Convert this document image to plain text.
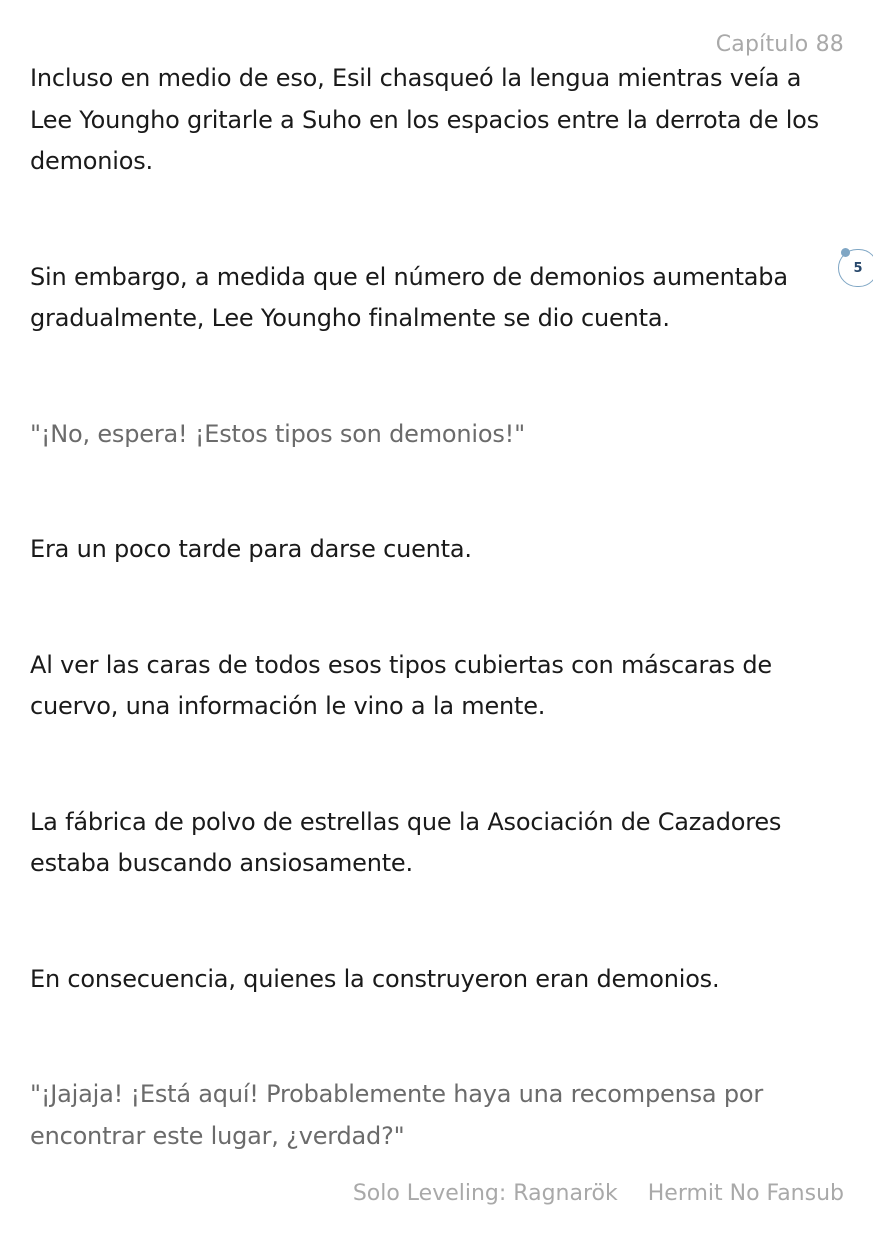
Capítulo 88

Incluso en medio de eso, Esil chasqueó la lengua mientras veía a Lee Youngho gritarle a Suho en los espacios entre la derrota de los demonios.

Sin embargo, a medida que el número de demonios aumentaba gradualmente, Lee Youngho finalmente se dio cuenta.

"¡No, espera! ¡Estos tipos son demonios!"

Era un poco tarde para darse cuenta.

Al ver las caras de todos esos tipos cubiertas con máscaras de cuervo, una información le vino a la mente.

La fábrica de polvo de estrellas que la Asociación de Cazadores estaba buscando ansiosamente.

En consecuencia, quienes la construyeron eran demonios.

"¡Jajaja! ¡Está aquí! Probablemente haya una recompensa por encontrar este lugar, ¿verdad?"

5
Solo Leveling: Ragnarök Hermit No Fansub
